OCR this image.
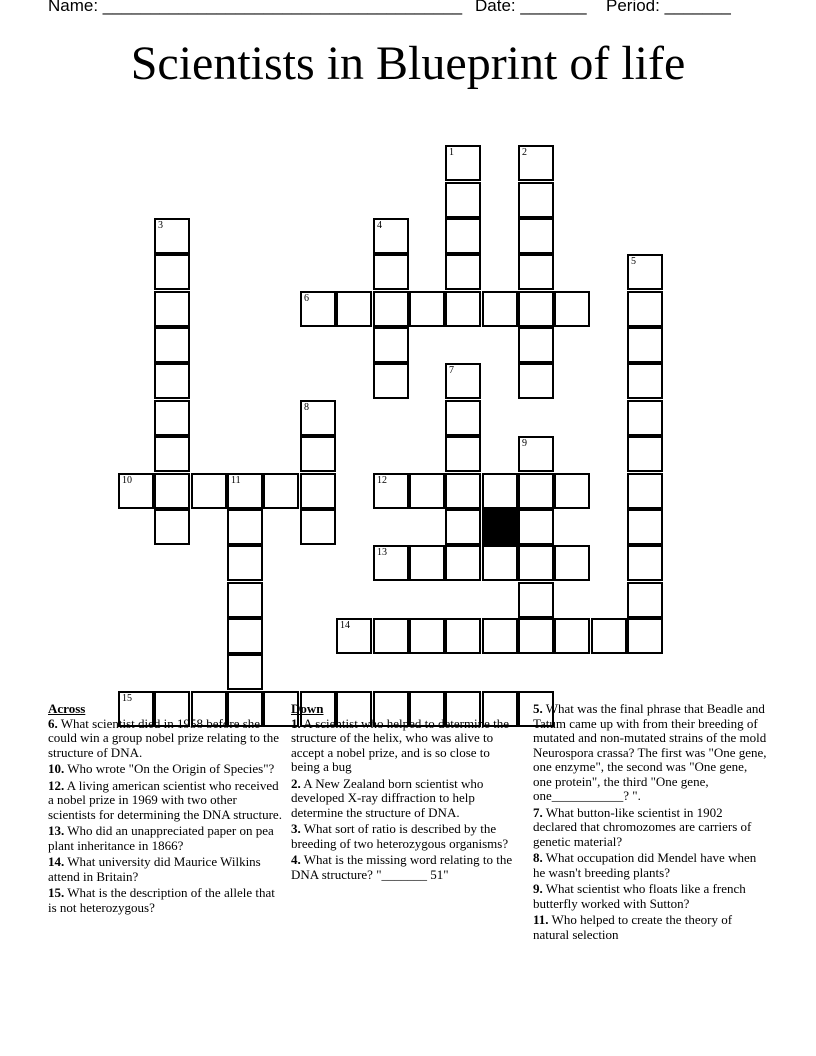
Name: ______________________________________ Date: _______ Period: _______
Scientists in Blueprint of life
1	2
3	4
5
6
7
8
9
10	11	12
13
14
15
Across
6. What scientist died in 1958 before she could win a group nobel prize relating to the structure of DNA.
10. Who wrote "On the Origin of Species"?
12. A living american scientist who received a nobel prize in 1969 with two other scientists for determining the DNA structure.
13. Who did an unappreciated paper on pea plant inheritance in 1866?
14. What university did Maurice Wilkins attend in Britain?
15. What is the description of the allele that is not heterozygous?
Down
1. A scientist who helped to determine the structure of the helix, who was alive to accept a nobel prize, and is so close to being a bug
2. A New Zealand born scientist who developed X-ray diffraction to help determine the structure of DNA.
3. What sort of ratio is described by the breeding of two heterozygous organisms?
4. What is the missing word relating to the DNA structure? "_______ 51"
5. What was the final phrase that Beadle and Tatum came up with from their breeding of mutated and non-mutated strains of the mold Neurospora crassa? The first was "One gene, one enzyme", the second was "One gene, one protein", the third "One gene, one___________? ".
7. What button-like scientist in 1902 declared that chromozomes are carriers of genetic material?
8. What occupation did Mendel have when he wasn't breeding plants?
9. What scientist who floats like a french butterfly worked with Sutton?
11. Who helped to create the theory of natural selection
